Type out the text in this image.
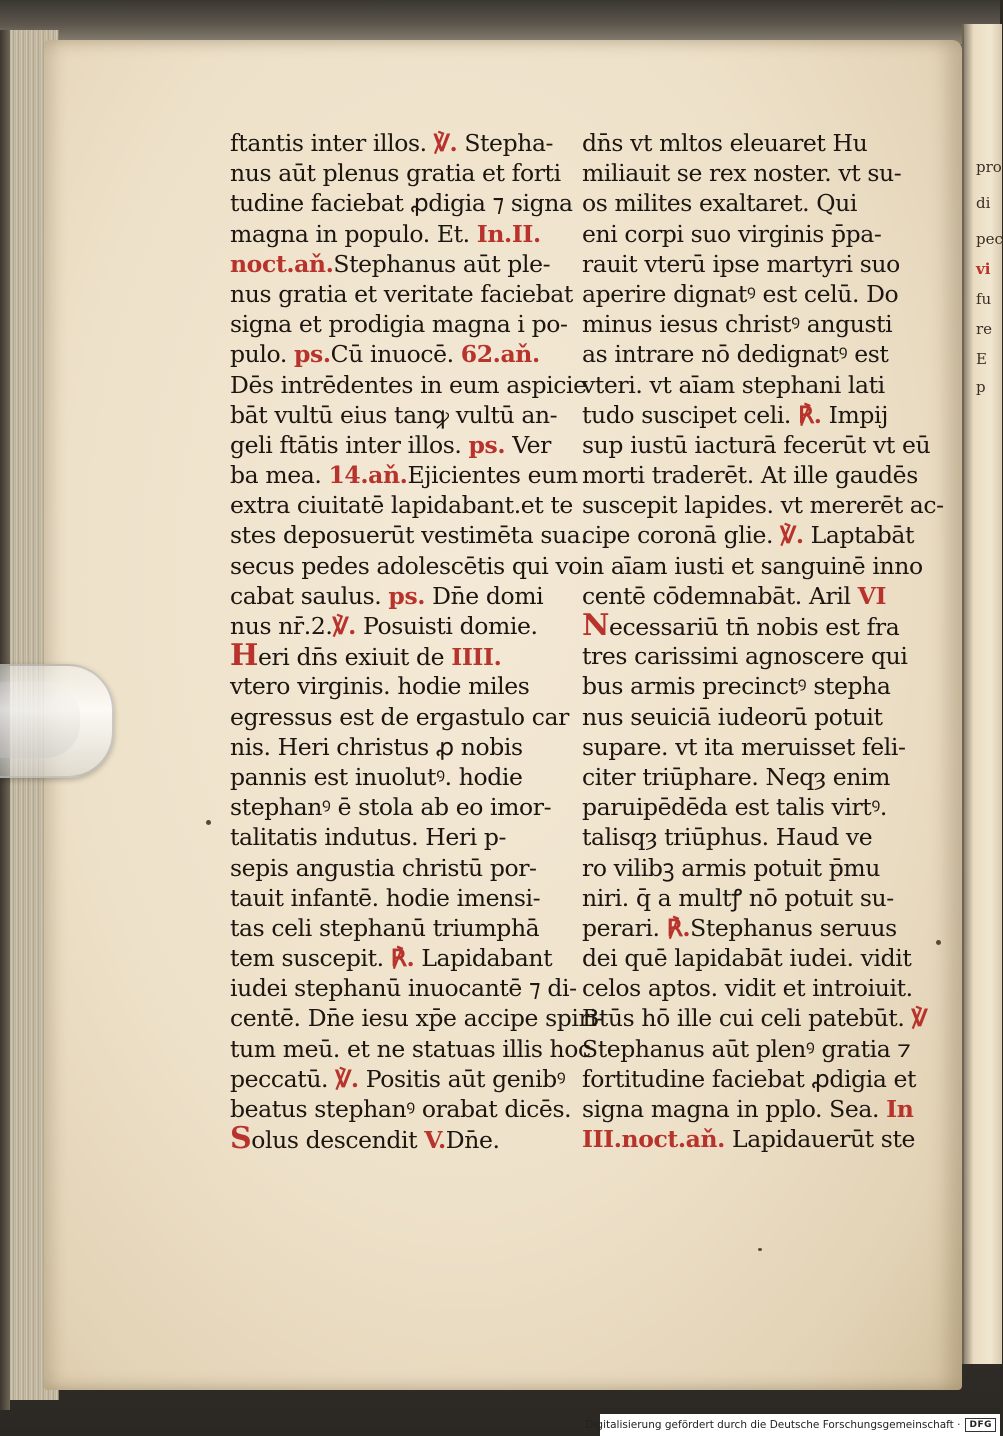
pro
di
pec
vi
fu
re
E
p
ftantis inter illos. ℣. Stepha-
nus aūt plenus gratia et forti
tudine faciebat ꝓdigia ⁊ signa
magna in populo. Et. In.II.
noct.aň.Stephanus aūt ple-
nus gratia et veritate faciebat
signa et prodigia magna i po-
pulo. ps.Cū inuocē. 62.aň.
Dēs intrēdentes in eum aspicie
bāt vultū eius tanꝙ vultū an-
geli ftātis inter illos. ps. Ver
ba mea. 14.aň.Ejicientes eum
extra ciuitatē lapidabant.et te
stes deposuerūt vestimēta sua.
secus pedes adolescētis qui vo
cabat saulus. ps. Dn̄e domi
nus nr̄.2.℣. Posuisti domie.
Heri dn̄s exiuit de IIII.
vtero virginis. hodie miles
egressus est de ergastulo car
nis. Heri christus ꝓ nobis
pannis est inuolutꝰ. hodie
stephanꝰ ē stola ab eo imor-
talitatis indutus. Heri p-
sepis angustia christū por-
tauit infantē. hodie imensi-
tas celi stephanū triumphā
tem suscepit. ℟. Lapidabant
iudei stephanū inuocantē ⁊ di-
centē. Dn̄e iesu xp̄e accipe spiri-
tum meū. et ne statuas illis hoc
peccatū. ℣. Positis aūt genibꝰ
beatus stephanꝰ orabat dicēs.
Solus descendit V.Dn̄e.
dn̄s vt mltos eleuaret Hu
miliauit se rex noster. vt su-
os milites exaltaret. Qui
eni corpi suo virginis p̄pa-
rauit vterū ipse martyri suo
aperire dignatꝰ est celū. Do
minus iesus christꝰ angusti
as intrare nō dedignatꝰ est
vteri. vt aīam stephani lati
tudo suscipet celi. ℟. Impij
sup iustū iacturā fecerūt vt eū
morti traderēt. At ille gaudēs
suscepit lapides. vt mererēt ac-
cipe coronā glie. ℣. Laptabāt
in aīam iusti et sanguinē inno
centē cōdemnabāt. Aril VI
Necessariū tn̄ nobis est fra
tres carissimi agnoscere qui
bus armis precinctꝰ stepha
nus seuiciā iudeorū potuit
supare. vt ita meruisset feli-
citer triūphare. Neqȝ enim
paruipēdēda est talis virtꝰ.
talisqȝ triūphus. Haud ve
ro vilibꝫ armis potuit p̄mu
niri. q̄ a multꝭ nō potuit su-
perari. ℟.Stephanus seruus
dei quē lapidabāt iudei. vidit
celos aptos. vidit et introiuit.
Btūs hō ille cui celi patebūt. ℣
Stephanus aūt plenꝰ gratia ⁊
fortitudine faciebat ꝓdigia et
signa magna in pplo. Sea. In
III.noct.aň. Lapidauerūt ste
Digitalisierung gefördert durch die Deutsche Forschungsgemeinschaft ·	DFG
